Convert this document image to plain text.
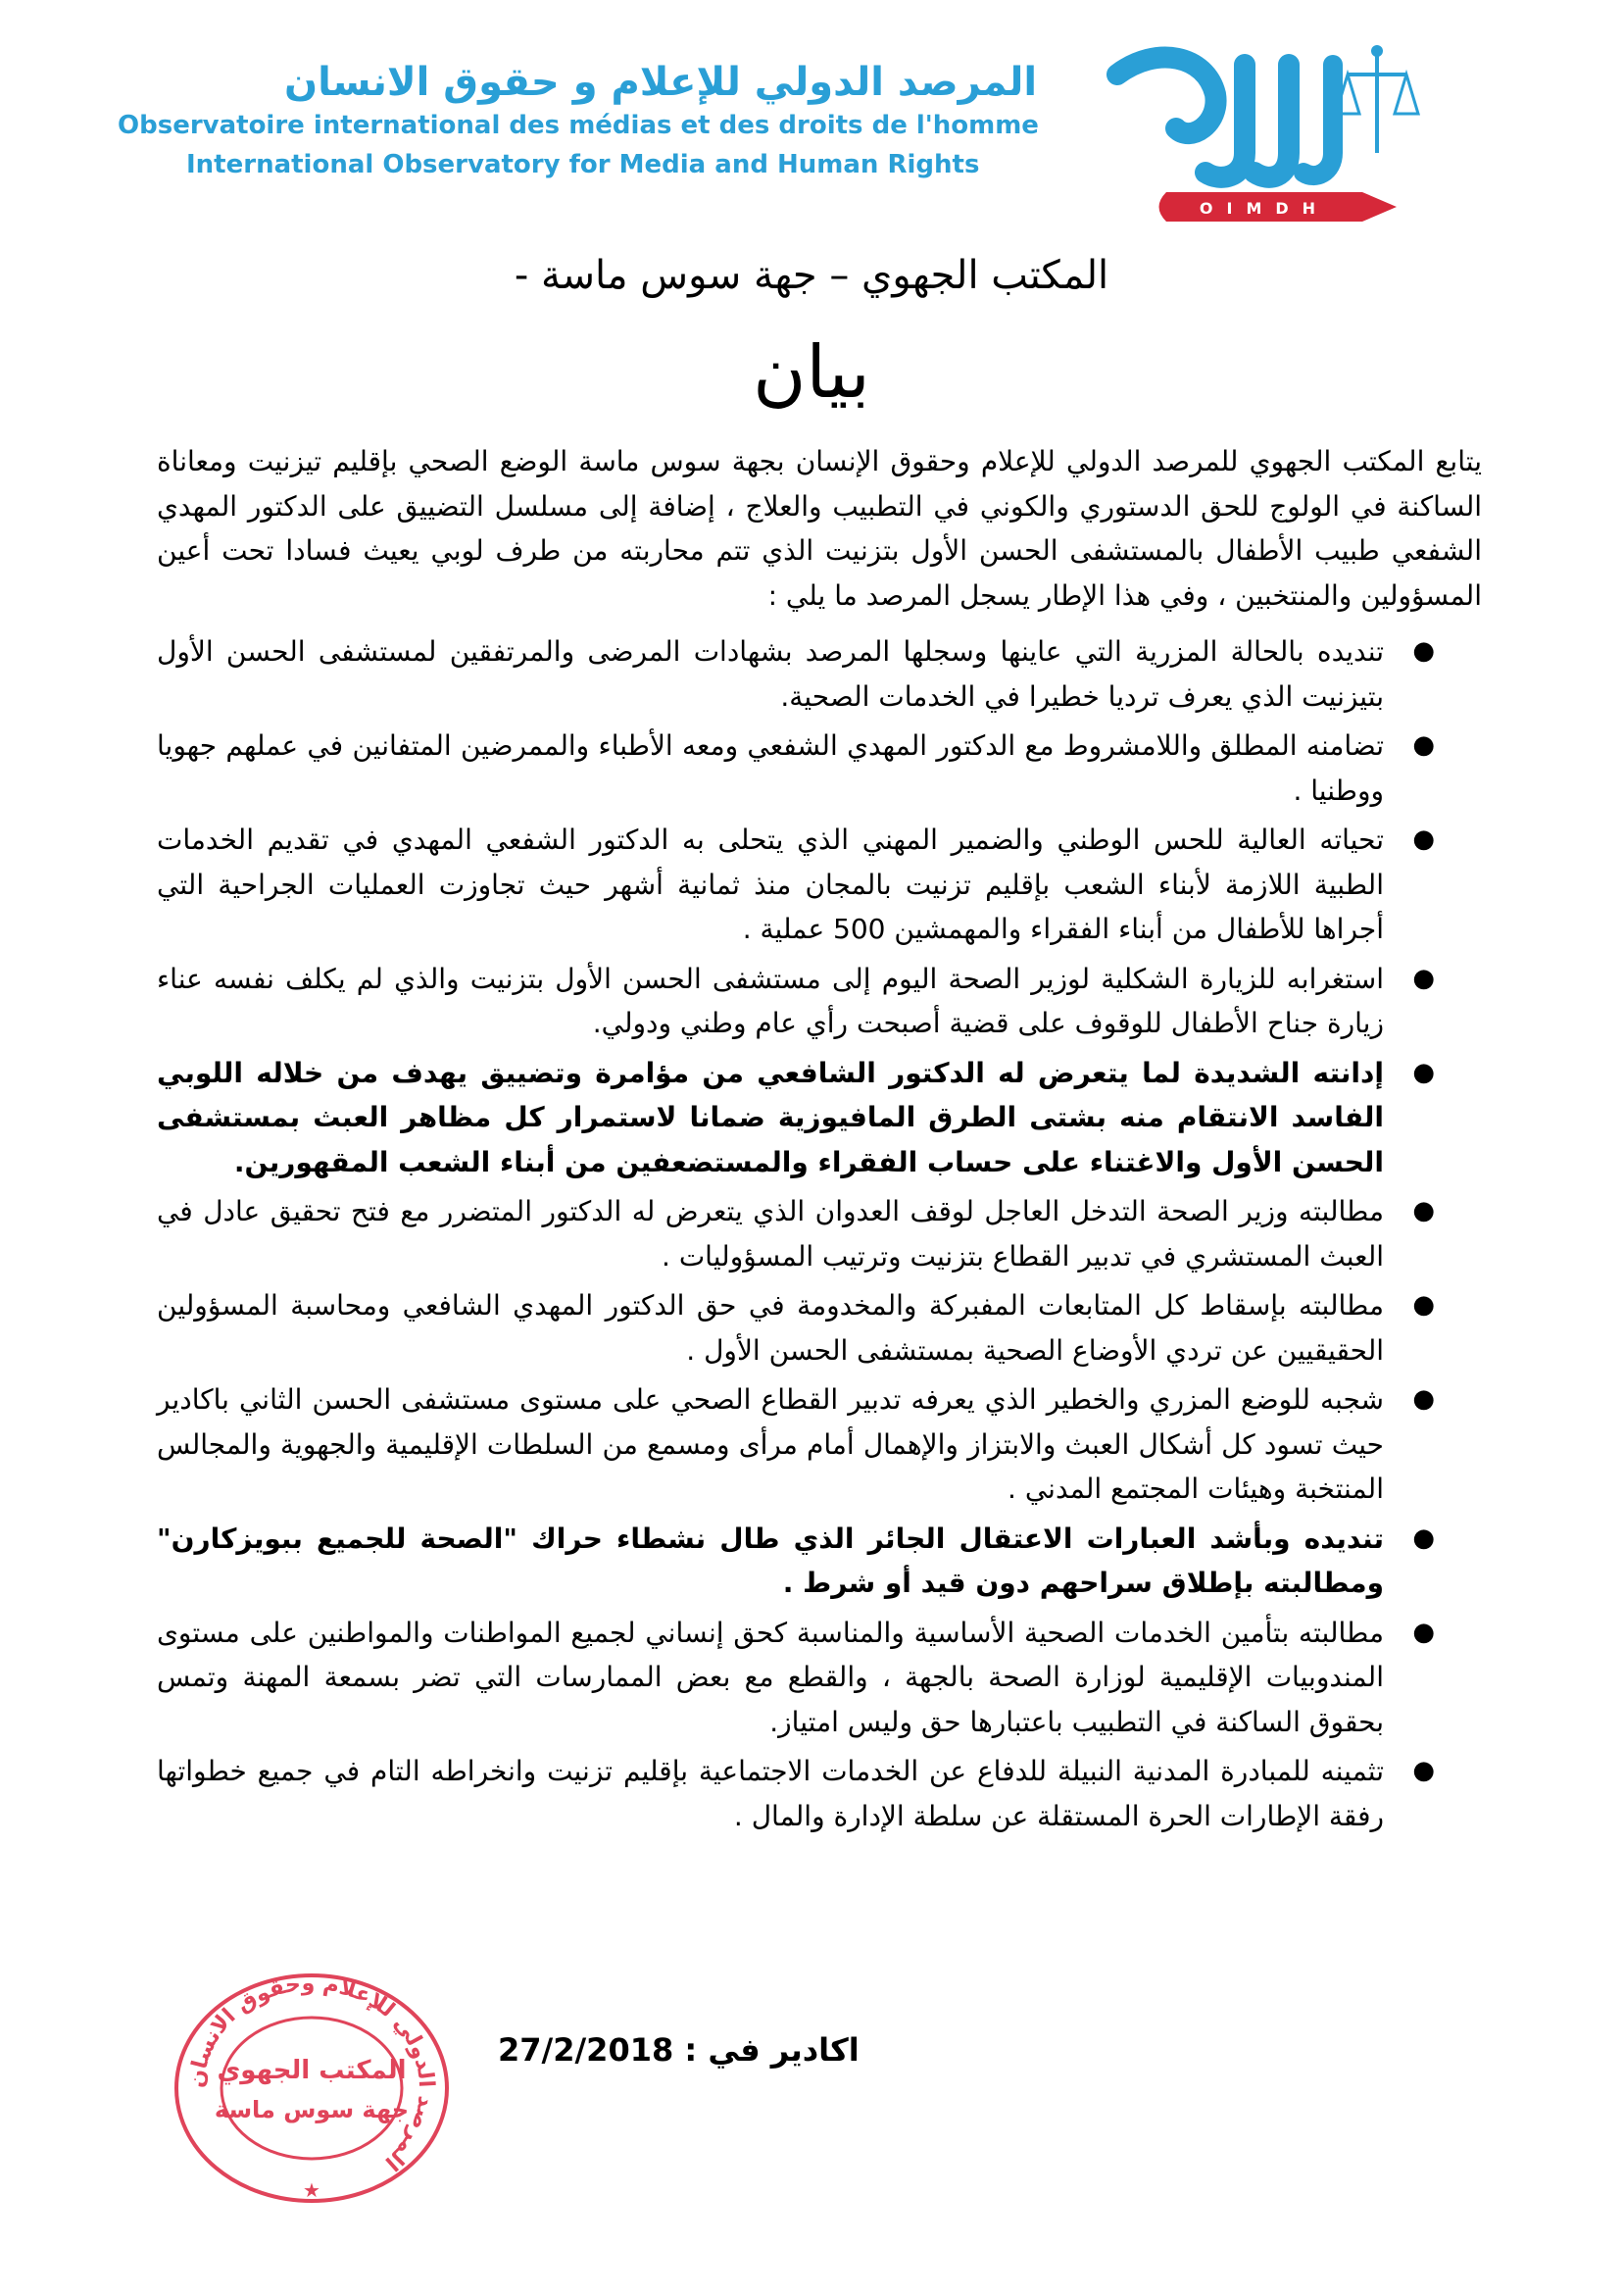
المرصد الدولي للإعلام و حقوق الانسان
Observatoire international des médias et des droits de l'homme
International Observatory for Media and Human Rights
OIMDH
المكتب الجهوي – جهة سوس ماسة -
بيان

يتابع المكتب الجهوي للمرصد الدولي للإعلام وحقوق الإنسان بجهة سوس ماسة الوضع الصحي بإقليم تيزنيت ومعاناة الساكنة في الولوج للحق الدستوري والكوني في التطبيب والعلاج ، إضافة إلى مسلسل التضييق على الدكتور المهدي الشفعي طبيب الأطفال بالمستشفى الحسن الأول بتزنيت الذي تتم محاربته من طرف لوبي يعيث فسادا تحت أعين المسؤولين والمنتخبين ، وفي هذا الإطار يسجل المرصد ما يلي :

●
تنديده بالحالة المزرية التي عاينها وسجلها المرصد بشهادات المرضى والمرتفقين لمستشفى الحسن الأول بتيزنيت الذي يعرف ترديا خطيرا في الخدمات الصحية.
●
تضامنه المطلق واللامشروط مع الدكتور المهدي الشفعي ومعه الأطباء والممرضين المتفانين في عملهم جهويا ووطنيا .
●
تحياته العالية للحس الوطني والضمير المهني الذي يتحلى به الدكتور الشفعي المهدي في تقديم الخدمات الطبية اللازمة لأبناء الشعب بإقليم تزنيت بالمجان منذ ثمانية أشهر حيث تجاوزت العمليات الجراحية التي أجراها للأطفال من أبناء الفقراء والمهمشين 500 عملية .
●
استغرابه للزيارة الشكلية لوزير الصحة اليوم إلى مستشفى الحسن الأول بتزنيت والذي لم يكلف نفسه عناء زيارة جناح الأطفال للوقوف على قضية أصبحت رأي عام وطني ودولي.
●
إدانته الشديدة لما يتعرض له الدكتور الشافعي من مؤامرة وتضييق يهدف من خلاله اللوبي الفاسد الانتقام منه بشتى الطرق المافيوزية ضمانا لاستمرار كل مظاهر العبث بمستشفى الحسن الأول والاغتناء على حساب الفقراء والمستضعفين من أبناء الشعب المقهورين.
●
مطالبته وزير الصحة التدخل العاجل لوقف العدوان الذي يتعرض له الدكتور المتضرر مع فتح تحقيق عادل في العبث المستشري في تدبير القطاع بتزنيت وترتيب المسؤوليات .
●
مطالبته بإسقاط كل المتابعات المفبركة والمخدومة في حق الدكتور المهدي الشافعي ومحاسبة المسؤولين الحقيقيين عن تردي الأوضاع الصحية بمستشفى الحسن الأول .
●
شجبه للوضع المزري والخطير الذي يعرفه تدبير القطاع الصحي على مستوى مستشفى الحسن الثاني باكادير حيث تسود كل أشكال العبث والابتزاز والإهمال أمام مرأى ومسمع من السلطات الإقليمية والجهوية والمجالس المنتخبة وهيئات المجتمع المدني .
●
تنديده وبأشد العبارات الاعتقال الجائر الذي طال نشطاء حراك "الصحة للجميع ببويزكارن" ومطالبته بإطلاق سراحهم دون قيد أو شرط .
●
مطالبته بتأمين الخدمات الصحية الأساسية والمناسبة كحق إنساني لجميع المواطنات والمواطنين على مستوى المندوبيات الإقليمية لوزارة الصحة بالجهة ، والقطع مع بعض الممارسات التي تضر بسمعة المهنة وتمس بحقوق الساكنة في التطبيب باعتبارها حق وليس امتياز.
●
تثمينه للمبادرة المدنية النبيلة للدفاع عن الخدمات الاجتماعية بإقليم تزنيت وانخراطه التام في جميع خطواتها رفقة الإطارات الحرة المستقلة عن سلطة الإدارة والمال .
اكادير في : 27/2/2018
المرصد الدولي للإعلام وحقوق الانسان
المكتب الجهوي
جهة سوس ماسة
★
